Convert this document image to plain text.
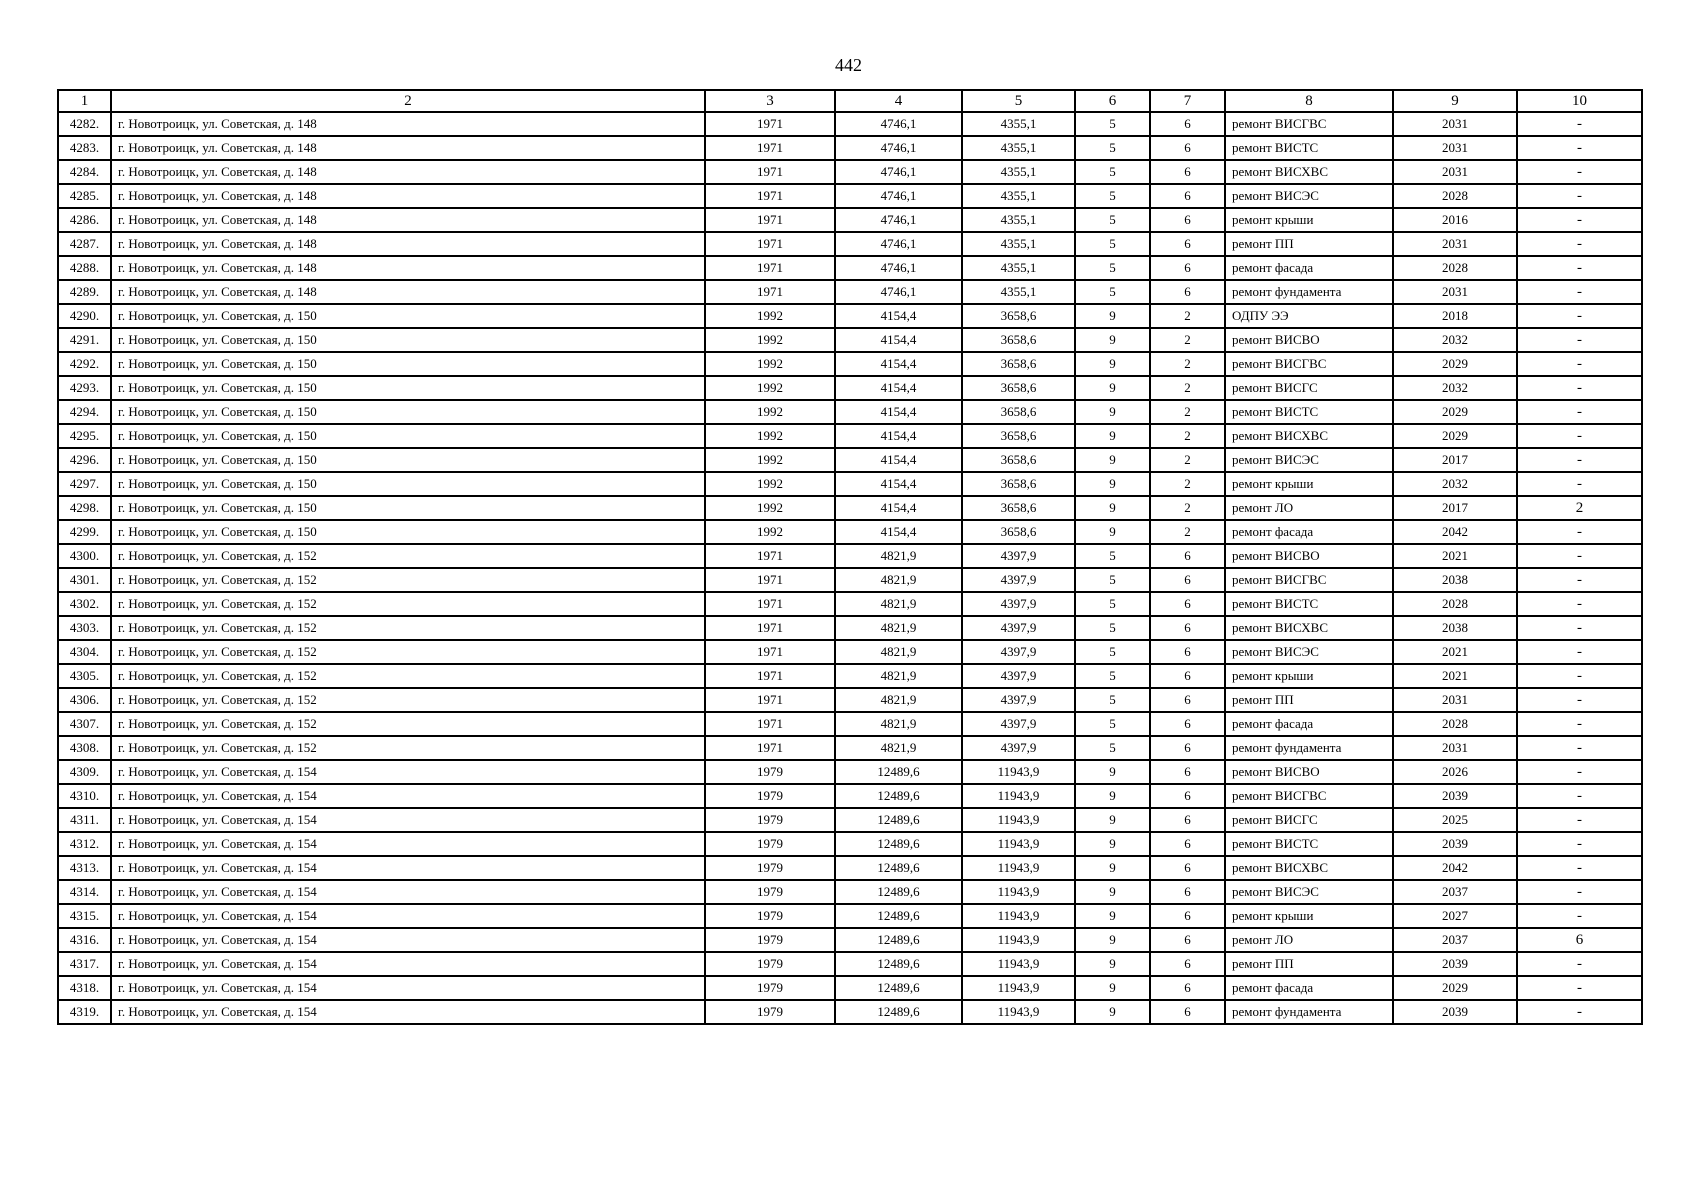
442
1	2	3	4	5	6	7	8	9	10
4282.	г. Новотроицк, ул. Советская, д. 148	1971	4746,1	4355,1	5	6	ремонт ВИСГВС	2031	-
4283.	г. Новотроицк, ул. Советская, д. 148	1971	4746,1	4355,1	5	6	ремонт ВИСТС	2031	-
4284.	г. Новотроицк, ул. Советская, д. 148	1971	4746,1	4355,1	5	6	ремонт ВИСХВС	2031	-
4285.	г. Новотроицк, ул. Советская, д. 148	1971	4746,1	4355,1	5	6	ремонт ВИСЭС	2028	-
4286.	г. Новотроицк, ул. Советская, д. 148	1971	4746,1	4355,1	5	6	ремонт крыши	2016	-
4287.	г. Новотроицк, ул. Советская, д. 148	1971	4746,1	4355,1	5	6	ремонт ПП	2031	-
4288.	г. Новотроицк, ул. Советская, д. 148	1971	4746,1	4355,1	5	6	ремонт фасада	2028	-
4289.	г. Новотроицк, ул. Советская, д. 148	1971	4746,1	4355,1	5	6	ремонт фундамента	2031	-
4290.	г. Новотроицк, ул. Советская, д. 150	1992	4154,4	3658,6	9	2	ОДПУ ЭЭ	2018	-
4291.	г. Новотроицк, ул. Советская, д. 150	1992	4154,4	3658,6	9	2	ремонт ВИСВО	2032	-
4292.	г. Новотроицк, ул. Советская, д. 150	1992	4154,4	3658,6	9	2	ремонт ВИСГВС	2029	-
4293.	г. Новотроицк, ул. Советская, д. 150	1992	4154,4	3658,6	9	2	ремонт ВИСГС	2032	-
4294.	г. Новотроицк, ул. Советская, д. 150	1992	4154,4	3658,6	9	2	ремонт ВИСТС	2029	-
4295.	г. Новотроицк, ул. Советская, д. 150	1992	4154,4	3658,6	9	2	ремонт ВИСХВС	2029	-
4296.	г. Новотроицк, ул. Советская, д. 150	1992	4154,4	3658,6	9	2	ремонт ВИСЭС	2017	-
4297.	г. Новотроицк, ул. Советская, д. 150	1992	4154,4	3658,6	9	2	ремонт крыши	2032	-
4298.	г. Новотроицк, ул. Советская, д. 150	1992	4154,4	3658,6	9	2	ремонт ЛО	2017	2
4299.	г. Новотроицк, ул. Советская, д. 150	1992	4154,4	3658,6	9	2	ремонт фасада	2042	-
4300.	г. Новотроицк, ул. Советская, д. 152	1971	4821,9	4397,9	5	6	ремонт ВИСВО	2021	-
4301.	г. Новотроицк, ул. Советская, д. 152	1971	4821,9	4397,9	5	6	ремонт ВИСГВС	2038	-
4302.	г. Новотроицк, ул. Советская, д. 152	1971	4821,9	4397,9	5	6	ремонт ВИСТС	2028	-
4303.	г. Новотроицк, ул. Советская, д. 152	1971	4821,9	4397,9	5	6	ремонт ВИСХВС	2038	-
4304.	г. Новотроицк, ул. Советская, д. 152	1971	4821,9	4397,9	5	6	ремонт ВИСЭС	2021	-
4305.	г. Новотроицк, ул. Советская, д. 152	1971	4821,9	4397,9	5	6	ремонт крыши	2021	-
4306.	г. Новотроицк, ул. Советская, д. 152	1971	4821,9	4397,9	5	6	ремонт ПП	2031	-
4307.	г. Новотроицк, ул. Советская, д. 152	1971	4821,9	4397,9	5	6	ремонт фасада	2028	-
4308.	г. Новотроицк, ул. Советская, д. 152	1971	4821,9	4397,9	5	6	ремонт фундамента	2031	-
4309.	г. Новотроицк, ул. Советская, д. 154	1979	12489,6	11943,9	9	6	ремонт ВИСВО	2026	-
4310.	г. Новотроицк, ул. Советская, д. 154	1979	12489,6	11943,9	9	6	ремонт ВИСГВС	2039	-
4311.	г. Новотроицк, ул. Советская, д. 154	1979	12489,6	11943,9	9	6	ремонт ВИСГС	2025	-
4312.	г. Новотроицк, ул. Советская, д. 154	1979	12489,6	11943,9	9	6	ремонт ВИСТС	2039	-
4313.	г. Новотроицк, ул. Советская, д. 154	1979	12489,6	11943,9	9	6	ремонт ВИСХВС	2042	-
4314.	г. Новотроицк, ул. Советская, д. 154	1979	12489,6	11943,9	9	6	ремонт ВИСЭС	2037	-
4315.	г. Новотроицк, ул. Советская, д. 154	1979	12489,6	11943,9	9	6	ремонт крыши	2027	-
4316.	г. Новотроицк, ул. Советская, д. 154	1979	12489,6	11943,9	9	6	ремонт ЛО	2037	6
4317.	г. Новотроицк, ул. Советская, д. 154	1979	12489,6	11943,9	9	6	ремонт ПП	2039	-
4318.	г. Новотроицк, ул. Советская, д. 154	1979	12489,6	11943,9	9	6	ремонт фасада	2029	-
4319.	г. Новотроицк, ул. Советская, д. 154	1979	12489,6	11943,9	9	6	ремонт фундамента	2039	-
